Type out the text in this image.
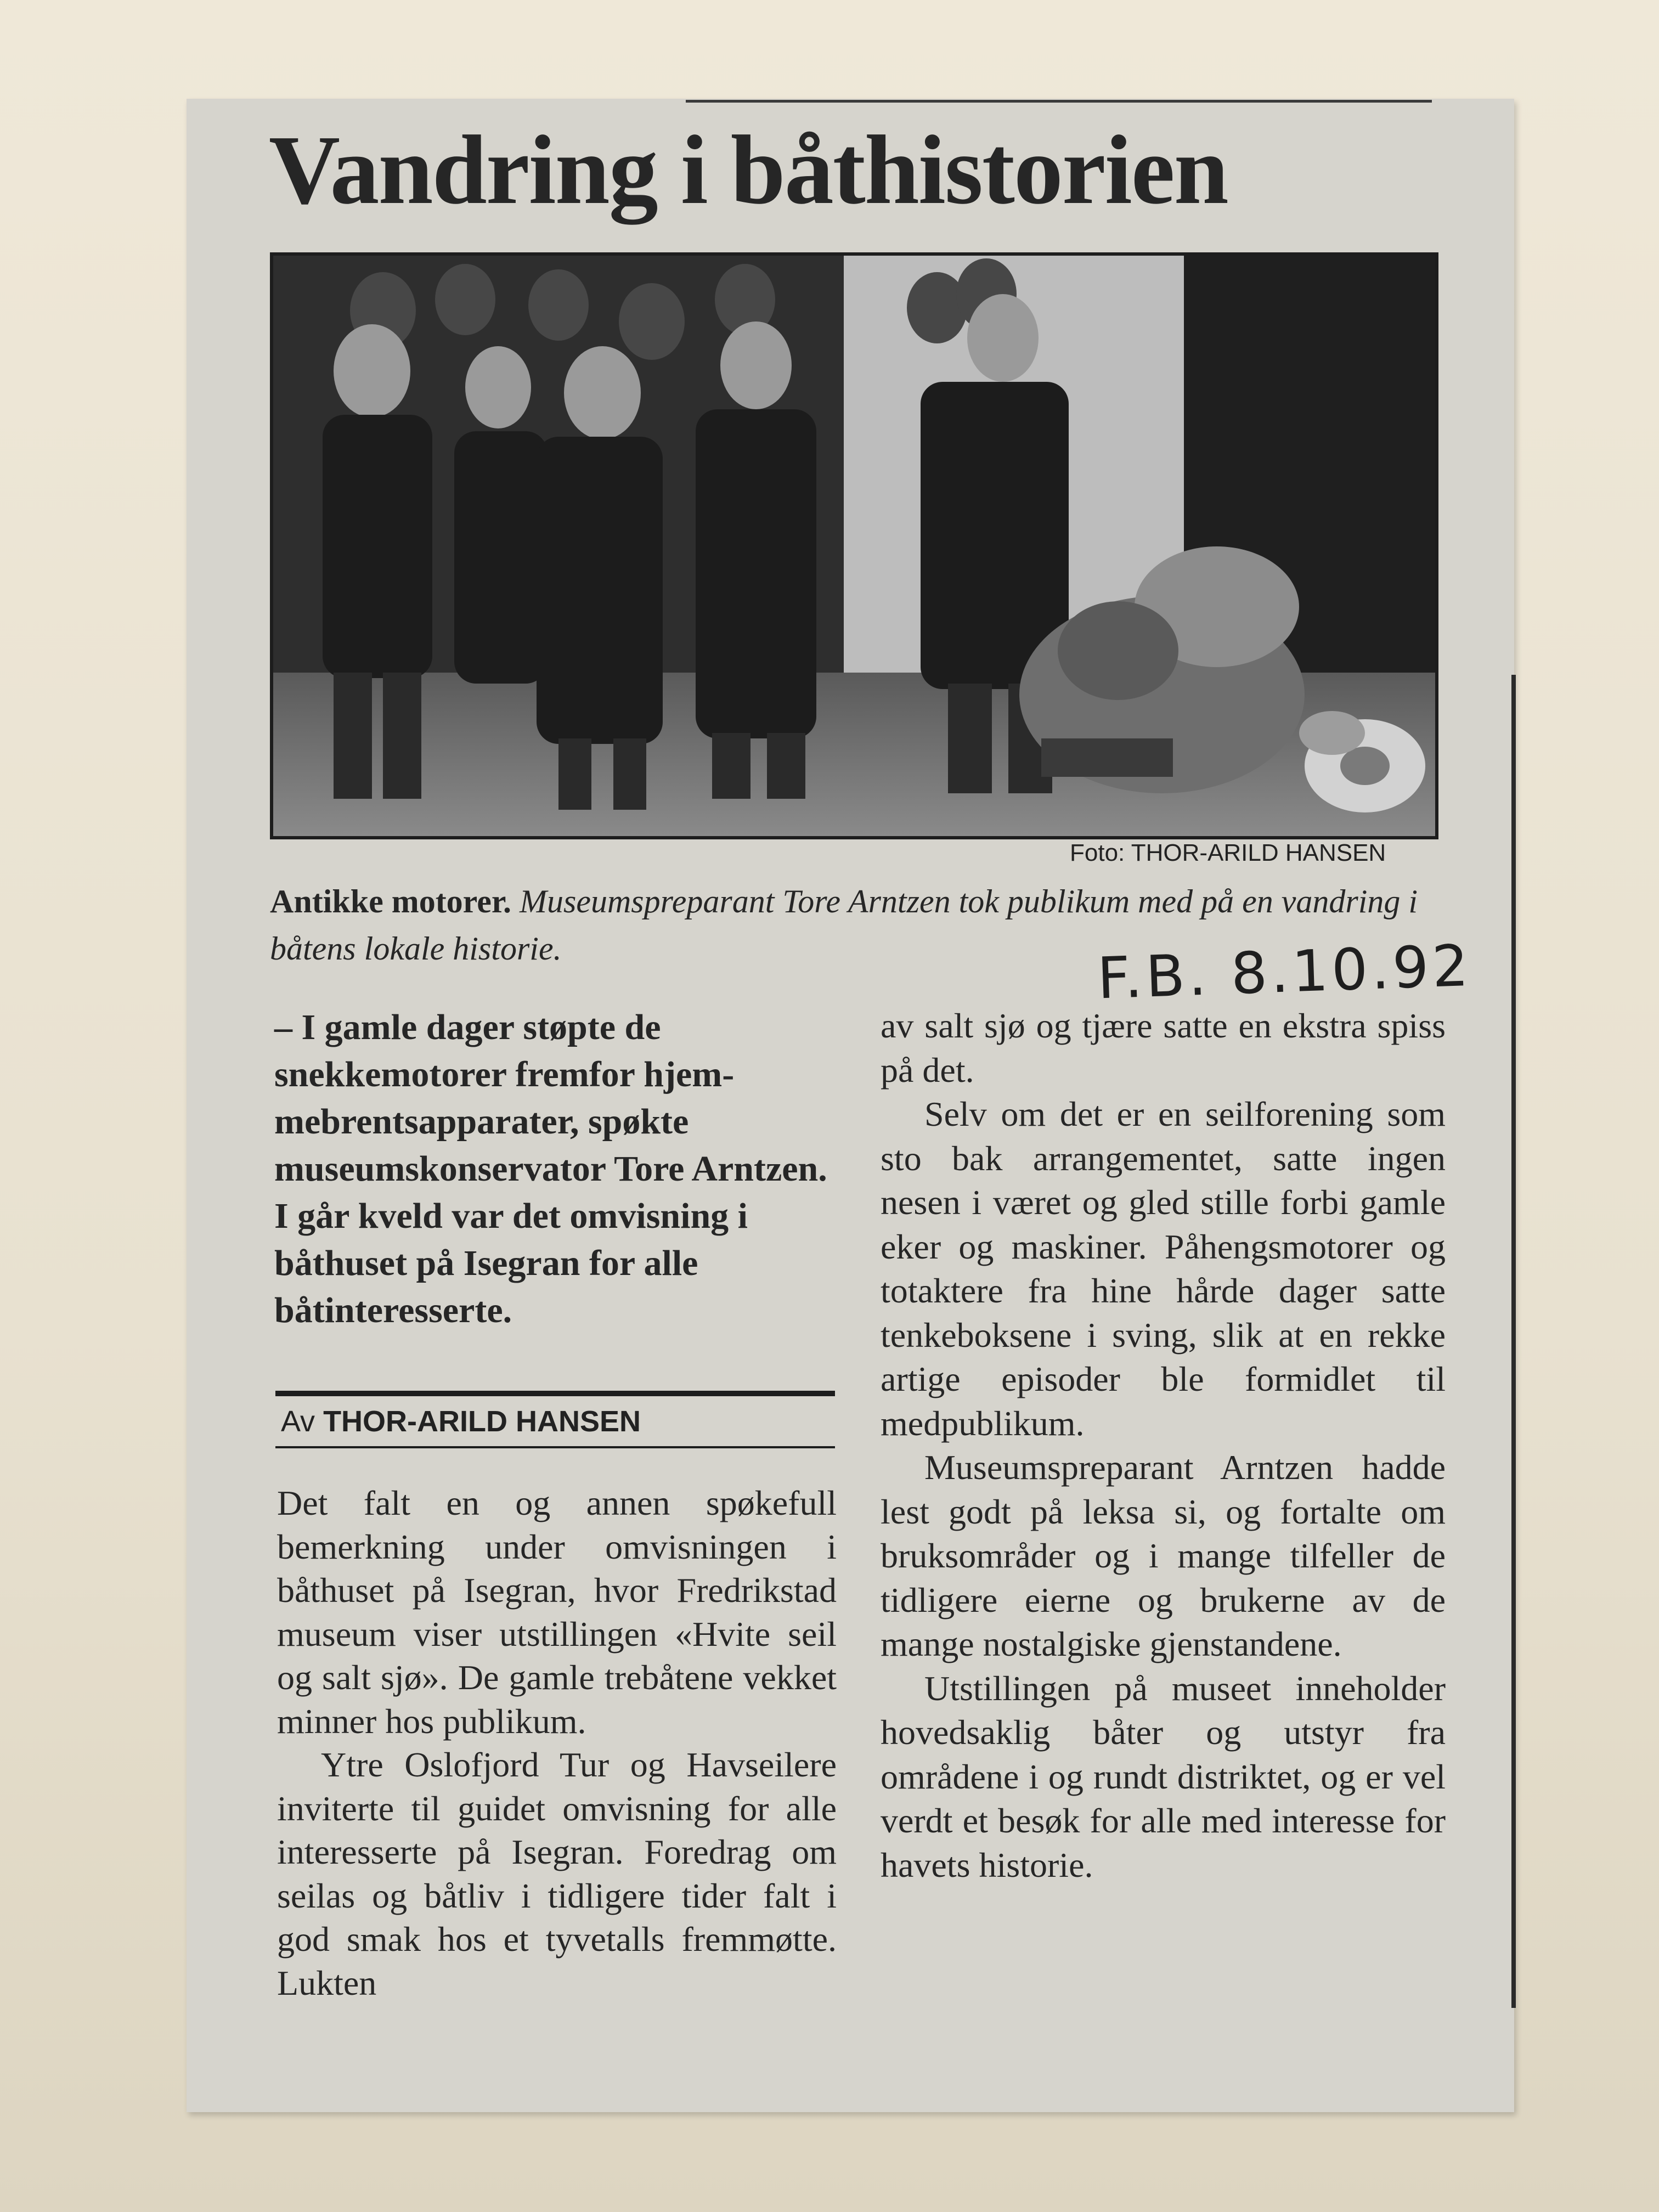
Vandring i båthistorien
Foto: THOR-ARILD HANSEN
Antikke motorer. Museumspreparant Tore Arntzen tok publikum med på en vandring i båtens lokale historie.	F.B. 8.10.92
– I gamle dager støpte de snekkemotorer fremfor hjemmebrentsapparater, spøkte museumskonservator Tore Arntzen. I går kveld var det omvisning i båthuset på Isegran for alle båtinteresserte.

Av THOR-ARILD HANSEN

Det falt en og annen spøkefull bemerkning under omvisningen i båthuset på Isegran, hvor Fredrikstad museum viser utstillingen «Hvite seil og salt sjø». De gamle trebåtene vekket minner hos publikum.

Ytre Oslofjord Tur og Havseilere inviterte til guidet omvisning for alle interesserte på Isegran. Foredrag om seilas og båtliv i tidligere tider falt i god smak hos et tyvetalls fremmøtte. Lukten

av salt sjø og tjære satte en ekstra spiss på det.

Selv om det er en seilforening som sto bak arrangementet, satte ingen nesen i været og gled stille forbi gamle eker og maskiner. Påhengsmotorer og totaktere fra hine hårde dager satte tenkeboksene i sving, slik at en rekke artige episoder ble formidlet til medpublikum.

Museumspreparant Arntzen hadde lest godt på leksa si, og fortalte om bruksområder og i mange tilfeller de tidligere eierne og brukerne av de mange nostalgiske gjenstandene.

Utstillingen på museet inneholder hovedsaklig båter og utstyr fra områdene i og rundt distriktet, og er vel verdt et besøk for alle med interesse for havets historie.
